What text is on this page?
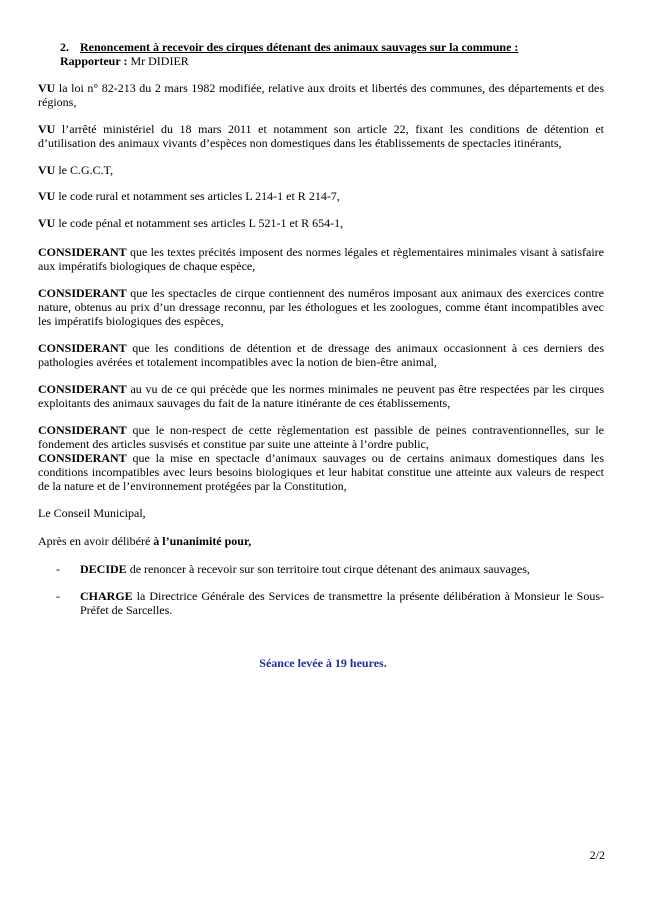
2. Renoncement à recevoir des cirques détenant des animaux sauvages sur la commune :
Rapporteur : Mr DIDIER

VU la loi n° 82-213 du 2 mars 1982 modifiée, relative aux droits et libertés des communes, des départements et des régions,

VU l’arrêté ministériel du 18 mars 2011 et notamment son article 22, fixant les conditions de détention et d’utilisation des animaux vivants d’espèces non domestiques dans les établissements de spectacles itinérants,

VU le C.G.C.T,

VU le code rural et notamment ses articles L 214-1 et R 214-7,

VU le code pénal et notamment ses articles L 521-1 et R 654-1,

CONSIDERANT que les textes précités imposent des normes légales et règlementaires minimales visant à satisfaire aux impératifs biologiques de chaque espèce,

CONSIDERANT que les spectacles de cirque contiennent des numéros imposant aux animaux des exercices contre nature, obtenus au prix d’un dressage reconnu, par les éthologues et les zoologues, comme étant incompatibles avec les impératifs biologiques des espèces,

CONSIDERANT que les conditions de détention et de dressage des animaux occasionnent à ces derniers des pathologies avérées et totalement incompatibles avec la notion de bien-être animal,

CONSIDERANT au vu de ce qui précède que les normes minimales ne peuvent pas être respectées par les cirques exploitants des animaux sauvages du fait de la nature itinérante de ces établissements,

CONSIDERANT que le non-respect de cette règlementation est passible de peines contraventionnelles, sur le fondement des articles susvisés et constitue par suite une atteinte à l’ordre public,

CONSIDERANT que la mise en spectacle d’animaux sauvages ou de certains animaux domestiques dans les conditions incompatibles avec leurs besoins biologiques et leur habitat constitue une atteinte aux valeurs de respect de la nature et de l’environnement protégées par la Constitution,

Le Conseil Municipal,

Après en avoir délibéré à l’unanimité pour,

-	DECIDE de renoncer à recevoir sur son territoire tout cirque détenant des animaux sauvages,
-	CHARGE la Directrice Générale des Services de transmettre la présente délibération à Monsieur le Sous-Préfet de Sarcelles.
Séance levée à 19 heures.
2/2
